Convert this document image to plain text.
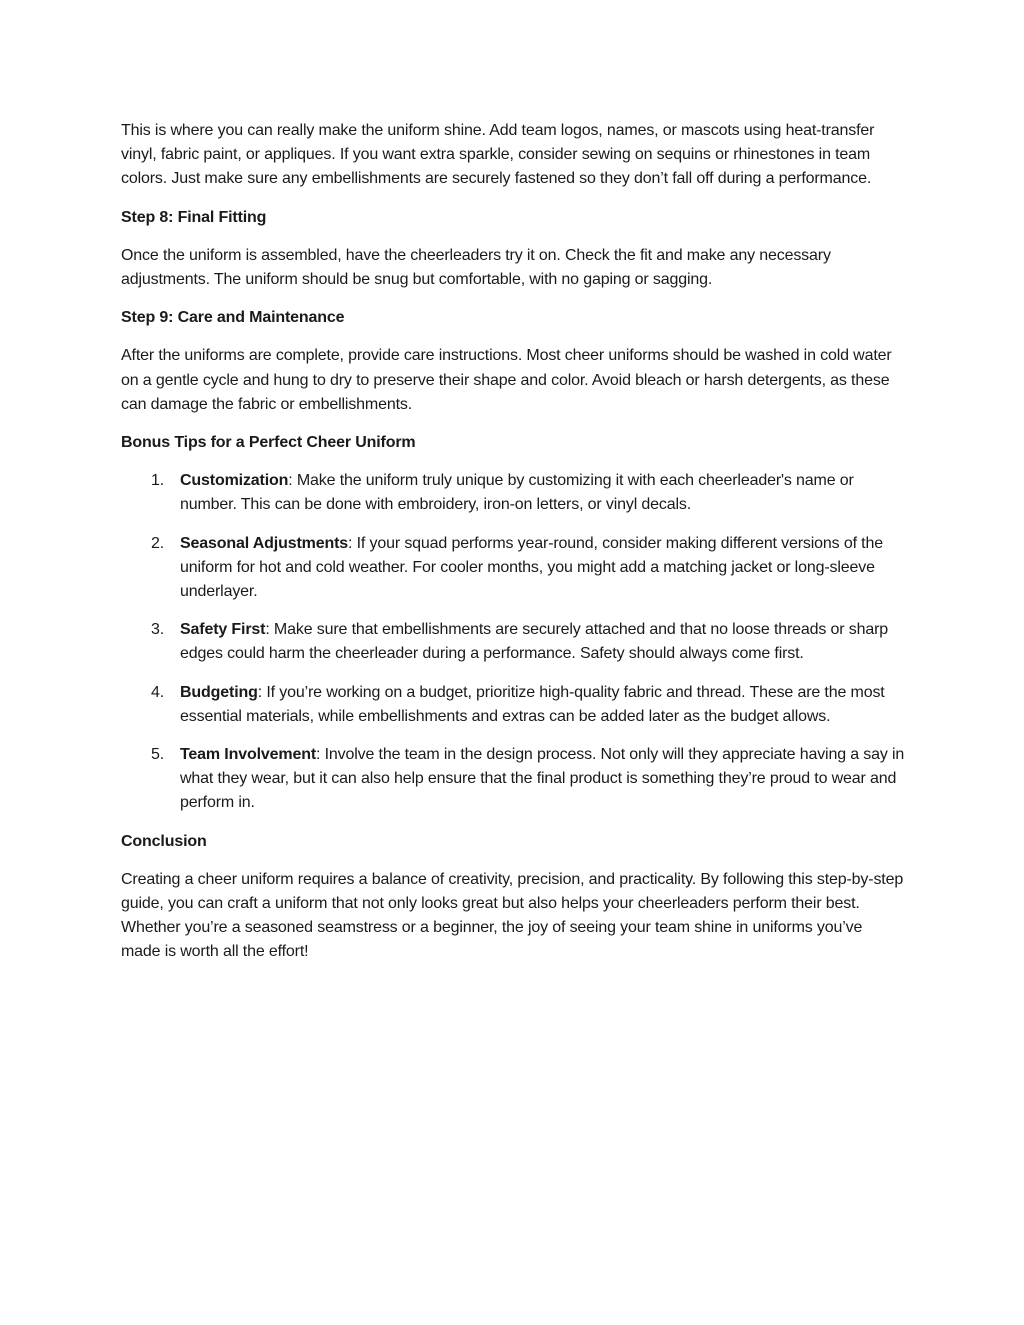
This is where you can really make the uniform shine. Add team logos, names, or mascots using heat-transfer vinyl, fabric paint, or appliques. If you want extra sparkle, consider sewing on sequins or rhinestones in team colors. Just make sure any embellishments are securely fastened so they don’t fall off during a performance.

Step 8: Final Fitting

Once the uniform is assembled, have the cheerleaders try it on. Check the fit and make any necessary adjustments. The uniform should be snug but comfortable, with no gaping or sagging.

Step 9: Care and Maintenance

After the uniforms are complete, provide care instructions. Most cheer uniforms should be washed in cold water on a gentle cycle and hung to dry to preserve their shape and color. Avoid bleach or harsh detergents, as these can damage the fabric or embellishments.

Bonus Tips for a Perfect Cheer Uniform

1. Customization: Make the uniform truly unique by customizing it with each cheerleader's name or number. This can be done with embroidery, iron-on letters, or vinyl decals.
2. Seasonal Adjustments: If your squad performs year-round, consider making different versions of the uniform for hot and cold weather. For cooler months, you might add a matching jacket or long-sleeve underlayer.
3. Safety First: Make sure that embellishments are securely attached and that no loose threads or sharp edges could harm the cheerleader during a performance. Safety should always come first.
4. Budgeting: If you’re working on a budget, prioritize high-quality fabric and thread. These are the most essential materials, while embellishments and extras can be added later as the budget allows.
5. Team Involvement: Involve the team in the design process. Not only will they appreciate having a say in what they wear, but it can also help ensure that the final product is something they’re proud to wear and perform in.

Conclusion

Creating a cheer uniform requires a balance of creativity, precision, and practicality. By following this step-by-step guide, you can craft a uniform that not only looks great but also helps your cheerleaders perform their best. Whether you’re a seasoned seamstress or a beginner, the joy of seeing your team shine in uniforms you’ve made is worth all the effort!
